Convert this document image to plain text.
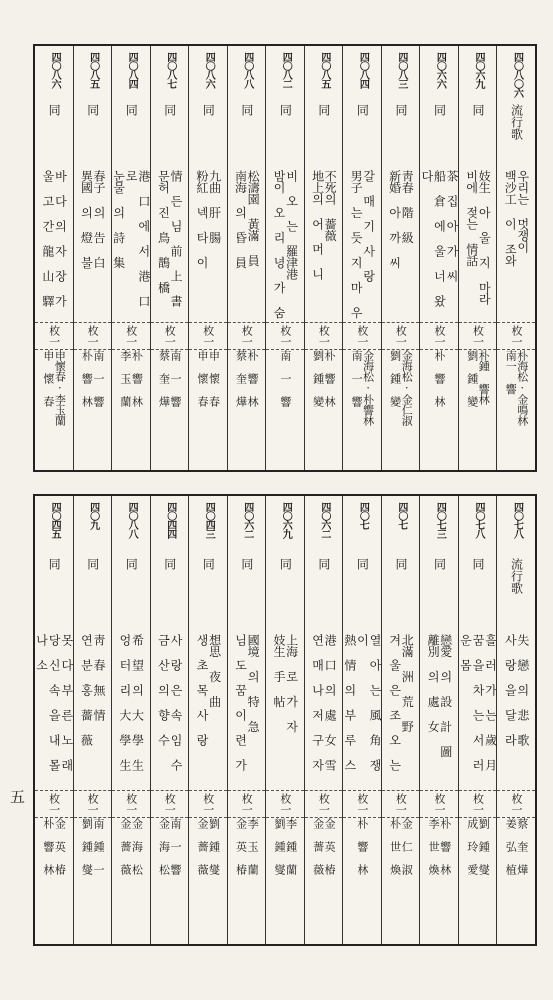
五
四〇八〇六
流行歌
우리는 멋쟁이
백沙工 이 조와
枚一
朴海松·金鳴林
南一 響
四〇六九
同
妓生 아 울 지 마라
비에 젖는 情話
枚一
朴鍾 響林
劉 鍾 變
四〇六六
同
茶 집 아 가 씨
船 倉 에 울 너 왔 다
枚一
朴 響 林
四〇八三
同
靑春 階 級
新婚 아 까 씨
枚一
金海松·金仁淑
劉 鍾 變
四〇八四
同
갈 매 기 사 랑
男子 는 듯 지 마 우
枚一
金海松·朴響林
南 一 響
四〇八五
同
不死의 薔薇
地上의 어 머 니
枚一
朴 響 林
劉 鍾 變
四〇八二
同
비 오 는 羅津港
밤이 오 리 녕 가 숨
枚一
南 一 響
四〇八八
同
松濤園 黃滿 員
南海 의 昏 員
枚一
朴 響 林
蔡 奎 燁
四〇八六
同
九曲 肝 腸
粉紅 넥 타 이
枚一
申 懷 春
申 懷 春
四〇八七
同
情 든 님 前 上 書
문허 진 鳥 鵲 橋
枚一
南 一 響
蔡 奎 燁
四〇八四
同
港 口 에 서 港 口 로
눈물 의 詩 集
枚一
朴 響 林
李 玉 蘭
四〇八五
同
春子 의 告 白
異國 의 燈 불
枚一
南 一 響
朴 響 林
四〇八六
同
바 다 의 자 장 가
울 고 간 龍 山 驛
枚一
申懷春·李玉蘭
申 懷 春
四〇七八
流行歌
失 戀 의 悲 歌
사 랑 을 달 라
枚一
蔡 奎 燁
姜 弘 植
四〇七八
同
흘 러 가 는 歲 月
꿈 을 차 는 서 러 운 몸
枚一
劉 鍾 燮
成 玲 愛
四〇七三
同
戀愛 의 設 計 圖
離別 의 處 女
枚一
朴 響 林
李 世 煥
四〇七
同
北滿 洲 荒 野
겨 울 은 조 오 는
枚一
金 仁 淑
朴 世 煥
四〇七
同
열 아 는 風 角 쟁 이
熱 情 의 부 루 스
枚一
朴 響 林
四〇六二
同
港 口 의 處 女 雪
연 매 나 저 구 자
枚一
金 英 椿
金 薔 薇
四〇六九
同
上海 로 가 자
妓生 手 帖
枚一
李 鍾 蘭
劉 鍾 燮
四〇六二
同
國境 의 特 急
님 도 꿈 이 련 가
枚一
李 玉 蘭
金 英 椿
四〇四三
同
想思 夜 曲
생 초 목 사 랑
枚一
劉 鍾 燮
金 薔 薇
四〇四四
同
사 랑 은 속 임 수
금 산 의 향 수
枚一
南 一 響
金 海 松
四〇八八
同
希 望 의 大 學 生
엉 터 리 大 學 生
枚一
金 海 松
金 薔 薇
四〇九
同
靑 春 無 情
연 분 홍 薔 薇
枚一
南 鍾 一
劉 鍾 燮
四〇四五
同
못 다 부 른 노 래
당 신 속 을 내 몰 나 소
枚一
金 英 椿
朴 響 林
